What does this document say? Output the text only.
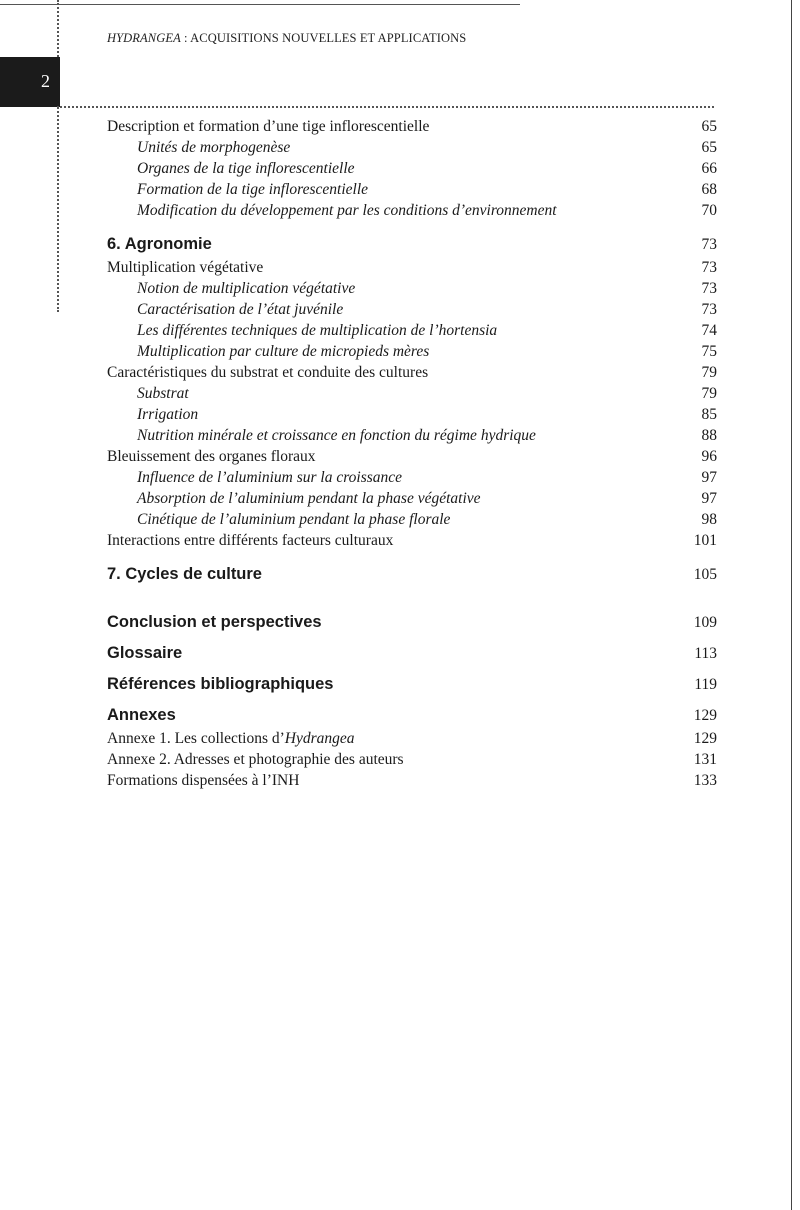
HYDRANGEA : ACQUISITIONS NOUVELLES ET APPLICATIONS
2
Description et formation d’une tige inflorescentielle . . .	65
Unités de morphogenèse . . .	65
Organes de la tige inflorescentielle . . .	66
Formation de la tige inflorescentielle . . .	68
Modification du développement par les conditions d’environnement . . .	70
6. Agronomie . . .	73
Multiplication végétative . . .	73
Notion de multiplication végétative . . .	73
Caractérisation de l’état juvénile . . .	73
Les différentes techniques de multiplication de l’hortensia . . .	74
Multiplication par culture de micropieds mères . . .	75
Caractéristiques du substrat et conduite des cultures . . .	79
Substrat . . .	79
Irrigation . . .	85
Nutrition minérale et croissance en fonction du régime hydrique . . .	88
Bleuissement des organes floraux . . .	96
Influence de l’aluminium sur la croissance . . .	97
Absorption de l’aluminium pendant la phase végétative . . .	97
Cinétique de l’aluminium pendant la phase florale . . .	98
Interactions entre différents facteurs culturaux . . .	101
7. Cycles de culture . . .	105
Conclusion et perspectives . . .	109
Glossaire . . .	113
Références bibliographiques . . .	119
Annexes . . .	129
Annexe 1. Les collections d’Hydrangea . . .	129
Annexe 2. Adresses et photographie des auteurs . . .	131
Formations dispensées à l’INH . . .	133
